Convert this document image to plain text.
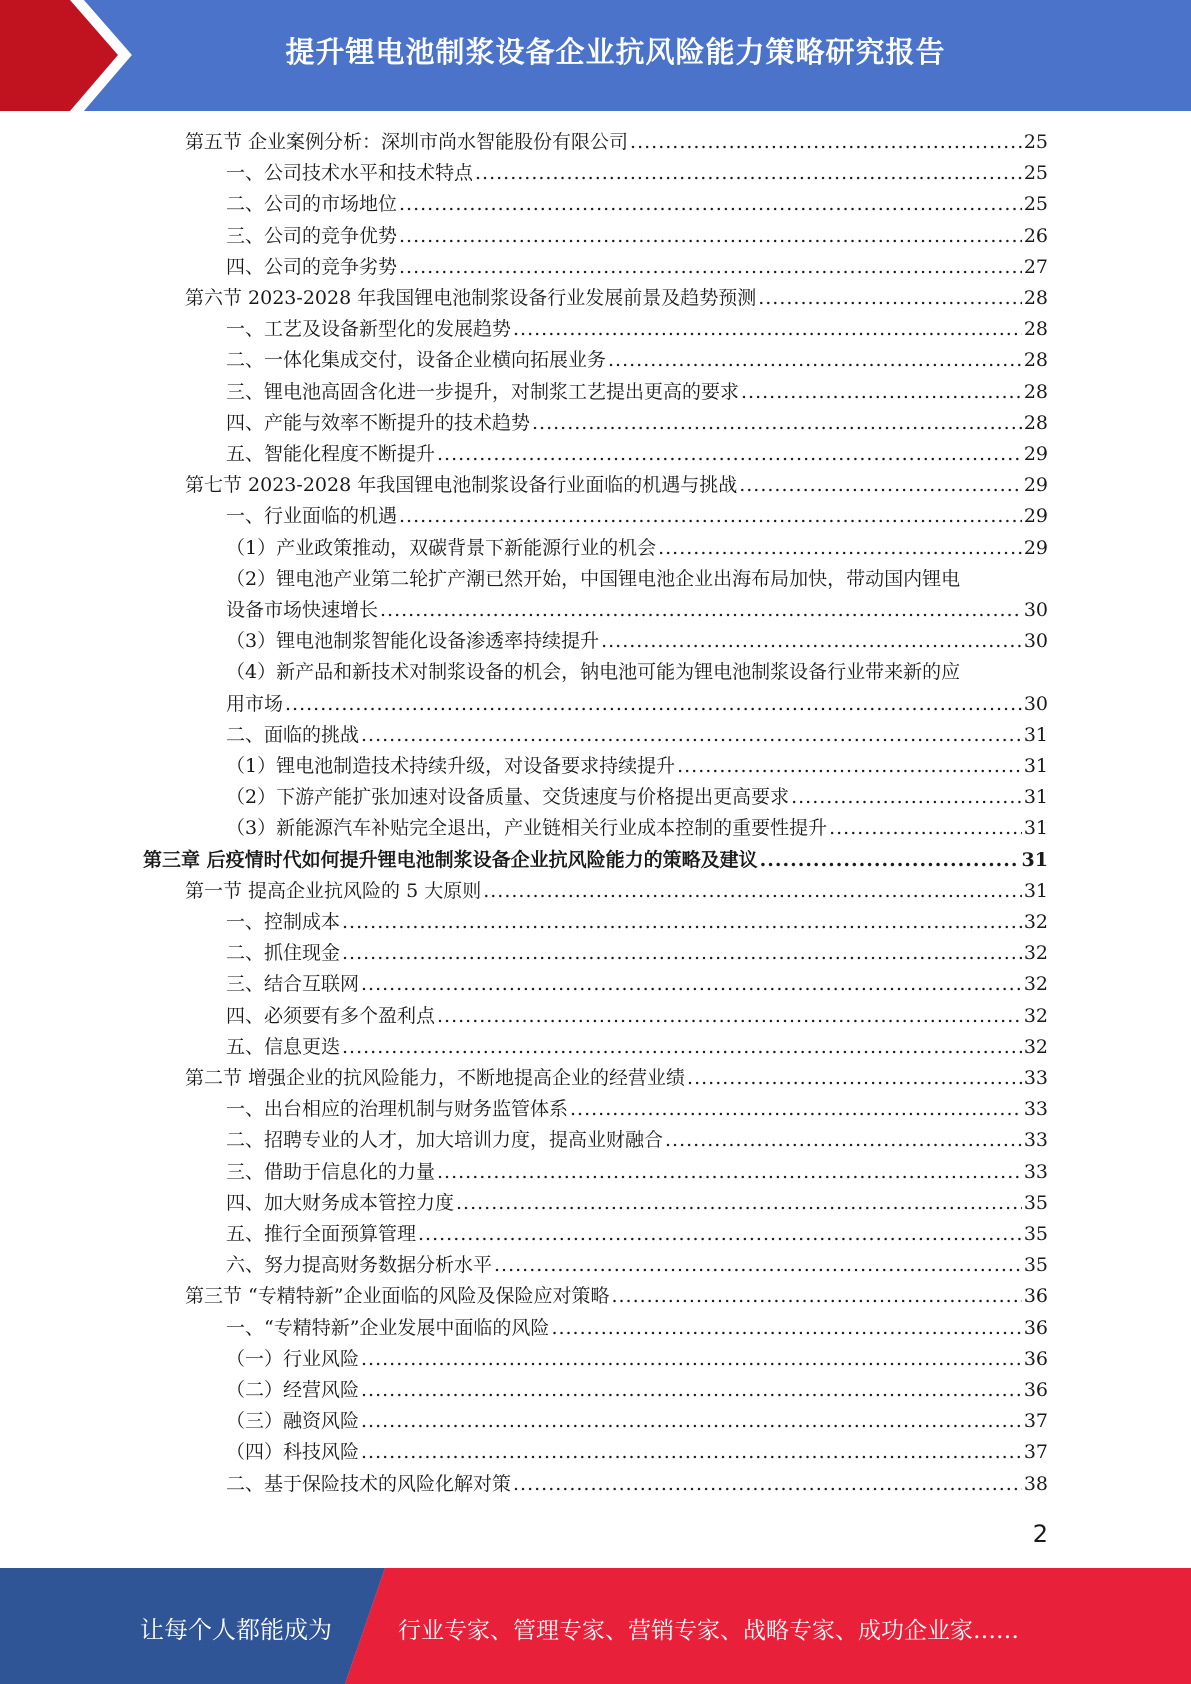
提升锂电池制浆设备企业抗风险能力策略研究报告
第五节 企业案例分析：深圳市尚水智能股份有限公司 .....	25
一、公司技术水平和技术特点 .....	25
二、公司的市场地位 .....	25
三、公司的竞争优势 .....	26
四、公司的竞争劣势 .....	27
第六节 2023-2028 年我国锂电池制浆设备行业发展前景及趋势预测 .....	28
一、工艺及设备新型化的发展趋势 .....	28
二、一体化集成交付，设备企业横向拓展业务 .....	28
三、锂电池高固含化进一步提升，对制浆工艺提出更高的要求 .....	28
四、产能与效率不断提升的技术趋势 .....	28
五、智能化程度不断提升 .....	29
第七节 2023-2028 年我国锂电池制浆设备行业面临的机遇与挑战 .....	29
一、行业面临的机遇 .....	29
（1）产业政策推动，双碳背景下新能源行业的机会 .....	29
（2）锂电池产业第二轮扩产潮已然开始，中国锂电池企业出海布局加快，带动国内锂电
设备市场快速增长 .....	30
（3）锂电池制浆智能化设备渗透率持续提升 .....	30
（4）新产品和新技术对制浆设备的机会，钠电池可能为锂电池制浆设备行业带来新的应
用市场 .....	30
二、面临的挑战 .....	31
（1）锂电池制造技术持续升级，对设备要求持续提升 .....	31
（2）下游产能扩张加速对设备质量、交货速度与价格提出更高要求 .....	31
（3）新能源汽车补贴完全退出，产业链相关行业成本控制的重要性提升 .....	31
第三章 后疫情时代如何提升锂电池制浆设备企业抗风险能力的策略及建议 .....	31
第一节 提高企业抗风险的 5 大原则 .....	31
一、控制成本 .....	32
二、抓住现金 .....	32
三、结合互联网 .....	32
四、必须要有多个盈利点 .....	32
五、信息更迭 .....	32
第二节 增强企业的抗风险能力，不断地提高企业的经营业绩 .....	33
一、出台相应的治理机制与财务监管体系 .....	33
二、招聘专业的人才，加大培训力度，提高业财融合 .....	33
三、借助于信息化的力量 .....	33
四、加大财务成本管控力度 .....	35
五、推行全面预算管理 .....	35
六、努力提高财务数据分析水平 .....	35
第三节 “专精特新”企业面临的风险及保险应对策略 .....	36
一、“专精特新”企业发展中面临的风险 .....	36
（一）行业风险 .....	36
（二）经营风险 .....	36
（三）融资风险 .....	37
（四）科技风险 .....	37
二、基于保险技术的风险化解对策 .....	38
2
让每个人都能成为	行业专家、管理专家、营销专家、战略专家、成功企业家……
